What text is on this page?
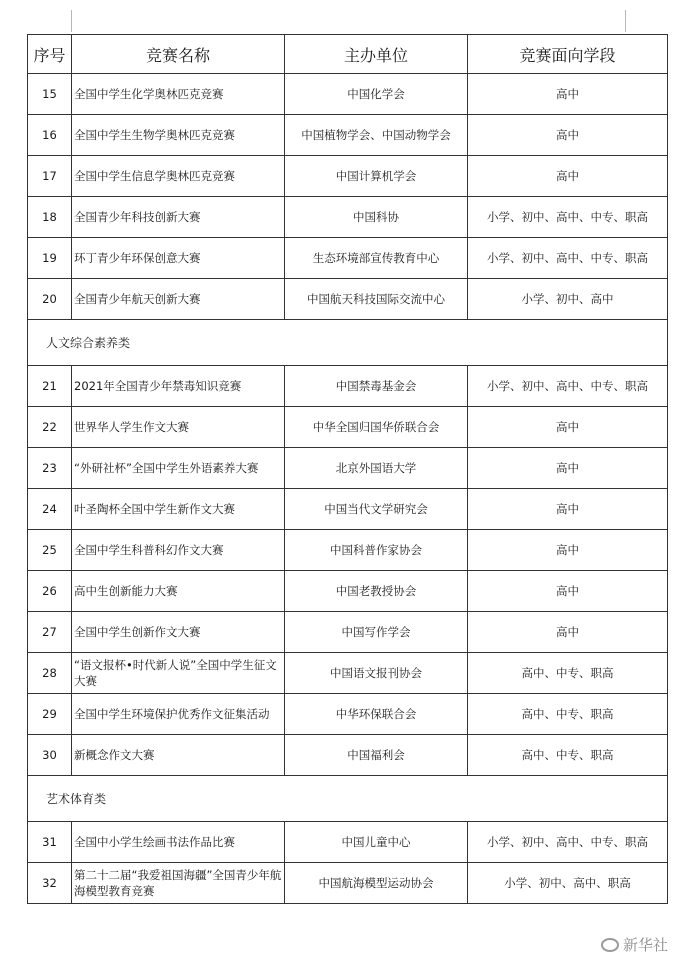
序号	竞赛名称	主办单位	竞赛面向学段
15	全国中学生化学奥林匹克竞赛	中国化学会	高中
16	全国中学生生物学奥林匹克竞赛	中国植物学会、中国动物学会	高中
17	全国中学生信息学奥林匹克竞赛	中国计算机学会	高中
18	全国青少年科技创新大赛	中国科协	小学、初中、高中、中专、职高
19	环丁青少年环保创意大赛	生态环境部宣传教育中心	小学、初中、高中、中专、职高
20	全国青少年航天创新大赛	中国航天科技国际交流中心	小学、初中、高中
人文综合素养类			
21	2021年全国青少年禁毒知识竞赛	中国禁毒基金会	小学、初中、高中、中专、职高
22	世界华人学生作文大赛	中华全国归国华侨联合会	高中
23	“外研社杯”全国中学生外语素养大赛	北京外国语大学	高中
24	叶圣陶杯全国中学生新作文大赛	中国当代文学研究会	高中
25	全国中学生科普科幻作文大赛	中国科普作家协会	高中
26	高中生创新能力大赛	中国老教授协会	高中
27	全国中学生创新作文大赛	中国写作学会	高中
28	“语文报杯•时代新人说”全国中学生征文大赛	中国语文报刊协会	高中、中专、职高
29	全国中学生环境保护优秀作文征集活动	中华环保联合会	高中、中专、职高
30	新概念作文大赛	中国福利会	高中、中专、职高
艺术体育类			
31	全国中小学生绘画书法作品比赛	中国儿童中心	小学、初中、高中、中专、职高
32	第二十二届“我爱祖国海疆”全国青少年航海模型教育竞赛	中国航海模型运动协会	小学、初中、高中、职高
新华社
